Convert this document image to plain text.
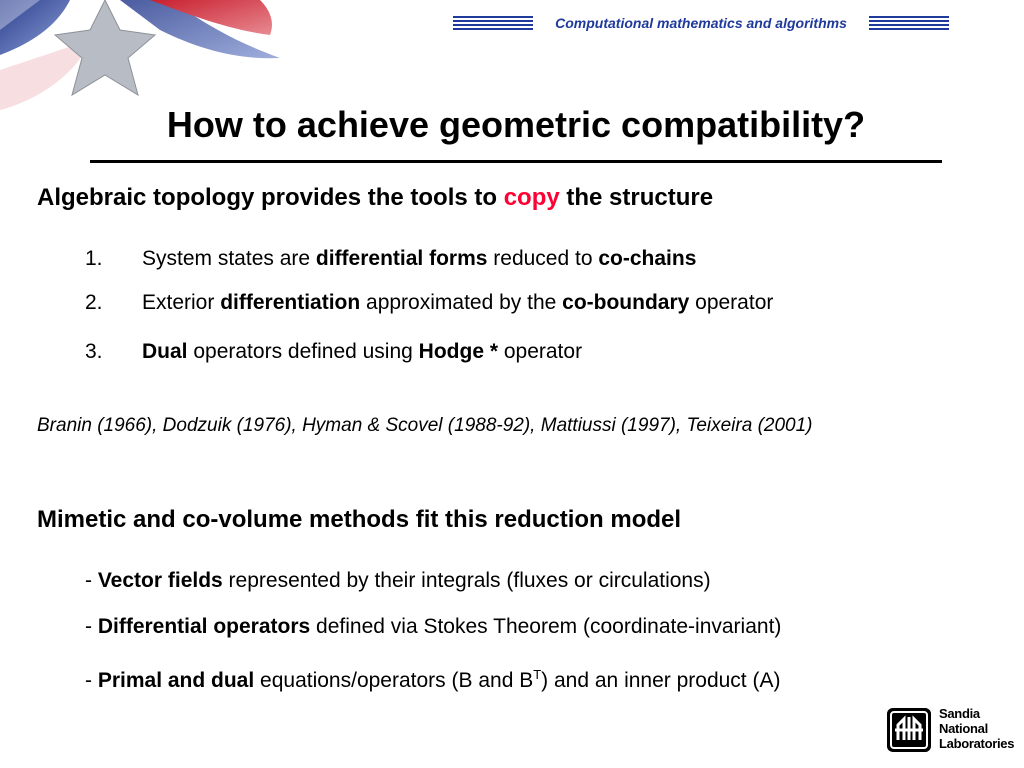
Computational mathematics and algorithms
How to achieve geometric compatibility?
Algebraic topology provides the tools to copy the structure
1. System states are differential forms reduced to co-chains
2. Exterior differentiation approximated by the co-boundary operator
3. Dual operators defined using Hodge * operator
Branin (1966), Dodzuik (1976), Hyman & Scovel (1988-92), Mattiussi (1997), Teixeira (2001)
Mimetic and co-volume methods fit this reduction model
- Vector fields represented by their integrals (fluxes or circulations)
- Differential operators defined via Stokes Theorem (coordinate-invariant)
- Primal and dual equations/operators (B and $B^T$) and an inner product (A)
Sandia
National
Laboratories
